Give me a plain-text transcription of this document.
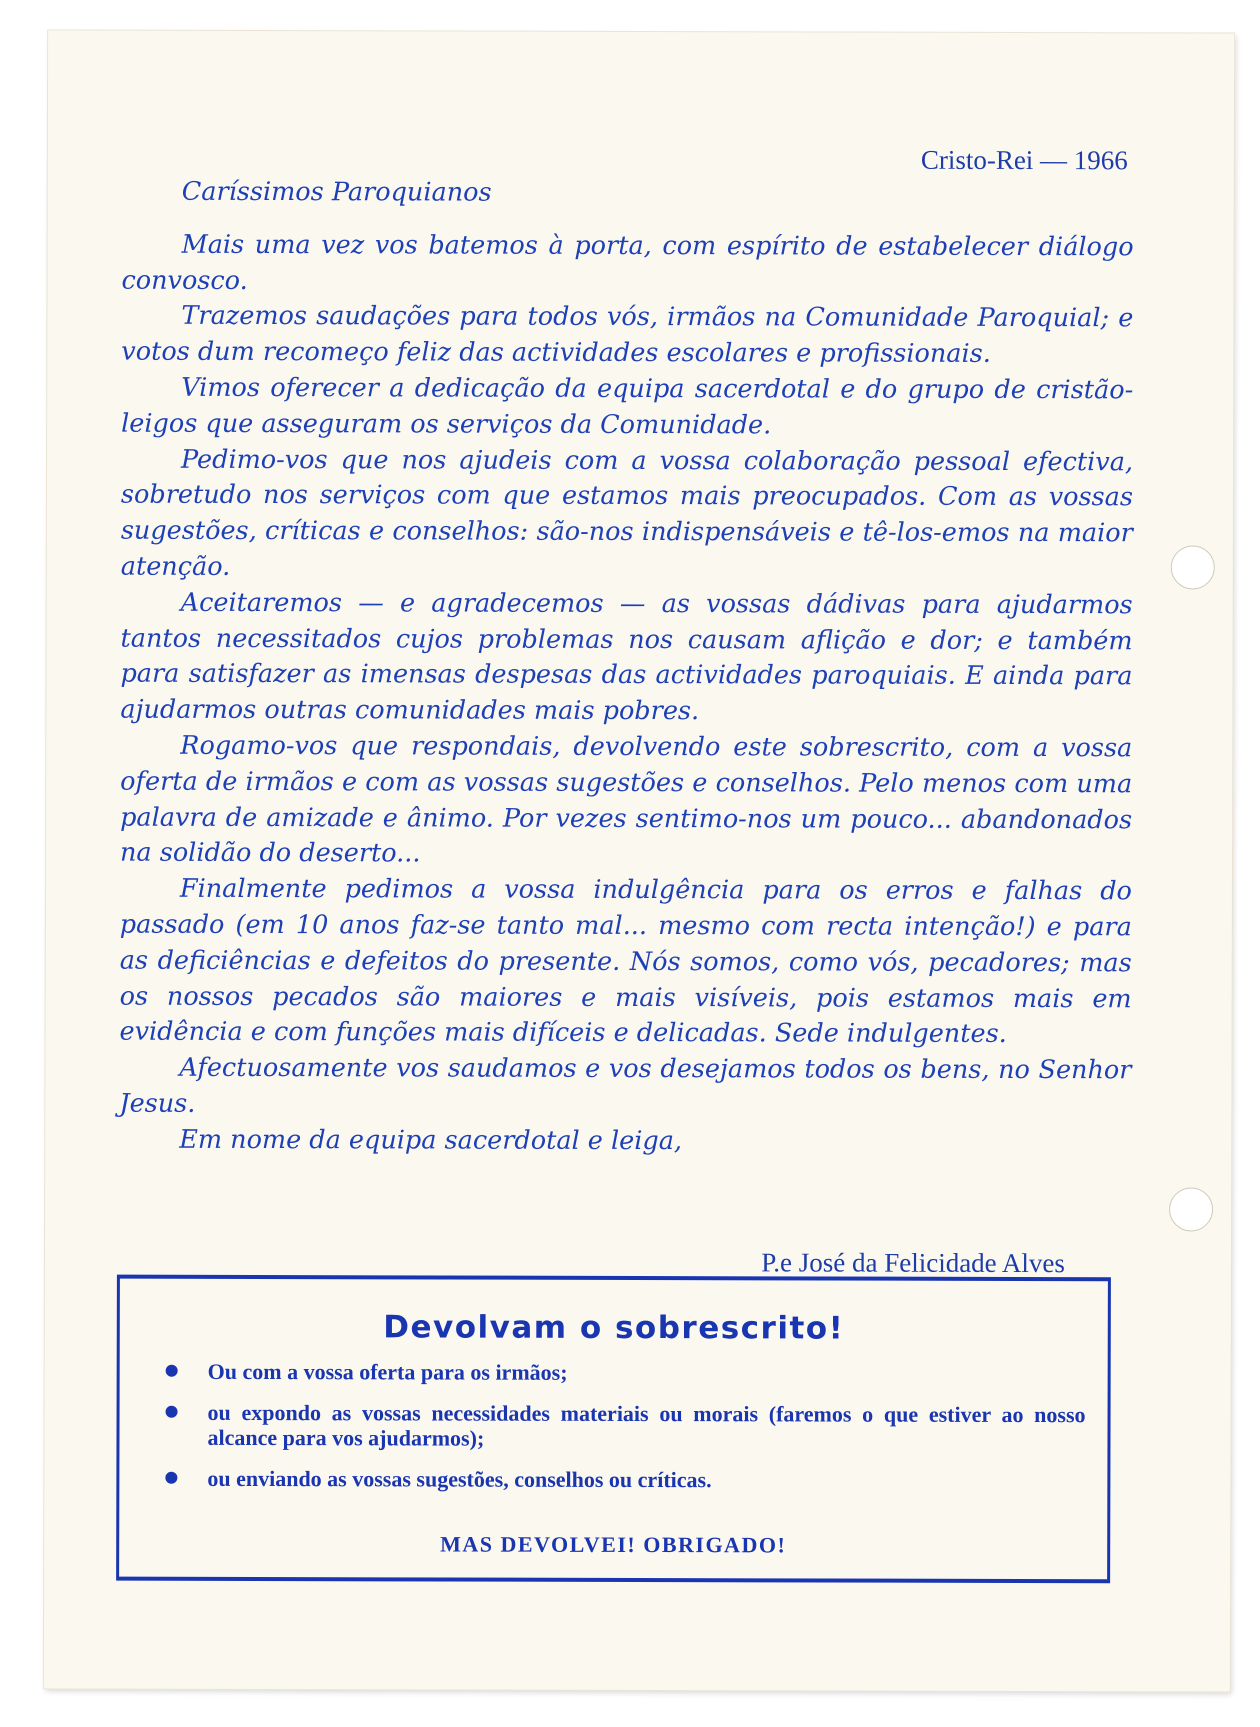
Cristo-Rei — 1966
Caríssimos Paroquianos

Mais uma vez vos batemos à porta, com espírito de estabelecer diálogo convosco.

Trazemos saudações para todos vós, irmãos na Comunidade Paroquial; e votos dum recomeço feliz das actividades escolares e profissionais.

Vimos oferecer a dedicação da equipa sacerdotal e do grupo de cristão-leigos que asseguram os serviços da Comunidade.

Pedimo-vos que nos ajudeis com a vossa colaboração pessoal efectiva, sobretudo nos serviços com que estamos mais preocupados. Com as vossas sugestões, críticas e conselhos: são-nos indispensáveis e tê-los-emos na maior atenção.

Aceitaremos — e agradecemos — as vossas dádivas para ajudarmos tantos necessitados cujos problemas nos causam aflição e dor; e também para satisfazer as imensas despesas das actividades paroquiais. E ainda para ajudarmos outras comunidades mais pobres.

Rogamo-vos que respondais, devolvendo este sobrescrito, com a vossa oferta de irmãos e com as vossas sugestões e conselhos. Pelo menos com uma palavra de amizade e ânimo. Por vezes sentimo-nos um pouco... abandonados na solidão do deserto...

Finalmente pedimos a vossa indulgência para os erros e falhas do passado (em 10 anos faz-se tanto mal... mesmo com recta intenção!) e para as deficiências e defeitos do presente. Nós somos, como vós, pecadores; mas os nossos pecados são maiores e mais visíveis, pois estamos mais em evidência e com funções mais difíceis e delicadas. Sede indulgentes.

Afectuosamente vos saudamos e vos desejamos todos os bens, no Senhor Jesus.

Em nome da equipa sacerdotal e leiga,

P.e José da Felicidade Alves
Devolvam o sobrescrito!
Ou com a vossa oferta para os irmãos;
ou expondo as vossas necessidades materiais ou morais (faremos o que estiver ao nosso alcance para vos ajudarmos);
ou enviando as vossas sugestões, conselhos ou críticas.
MAS DEVOLVEI! OBRIGADO!
